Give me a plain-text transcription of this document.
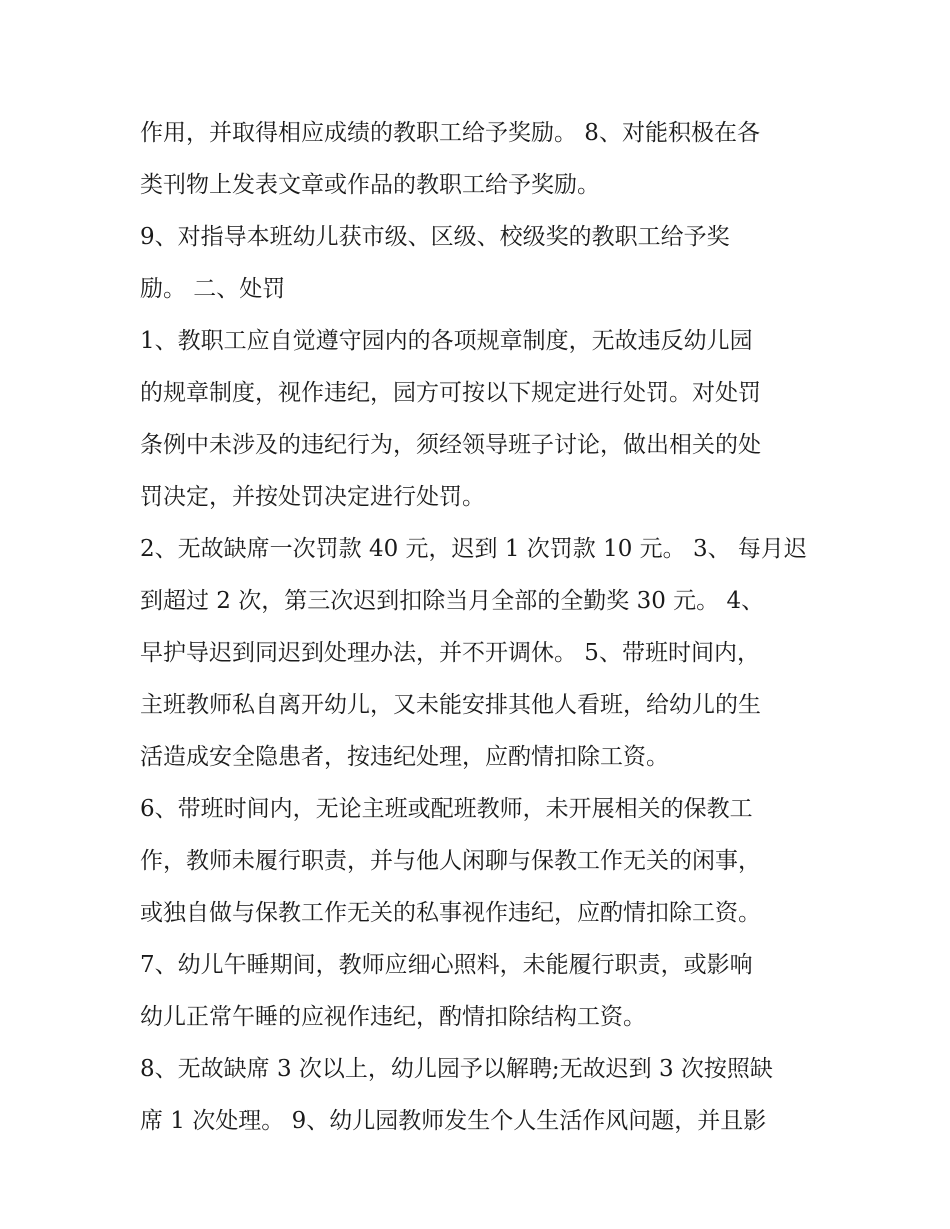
作用，并取得相应成绩的教职工给予奖励。 8、对能积极在各
类刊物上发表文章或作品的教职工给予奖励。
9、对指导本班幼儿获市级、区级、校级奖的教职工给予奖
励。 二、处罚
1、教职工应自觉遵守园内的各项规章制度，无故违反幼儿园
的规章制度，视作违纪，园方可按以下规定进行处罚。对处罚
条例中未涉及的违纪行为，须经领导班子讨论，做出相关的处
罚决定，并按处罚决定进行处罚。
2、无故缺席一次罚款 40 元，迟到 1 次罚款 10 元。 3、 每月迟
到超过 2 次，第三次迟到扣除当月全部的全勤奖 30 元。 4、
早护导迟到同迟到处理办法，并不开调休。 5、带班时间内，
主班教师私自离开幼儿，又未能安排其他人看班，给幼儿的生
活造成安全隐患者，按违纪处理，应酌情扣除工资。
6、带班时间内，无论主班或配班教师，未开展相关的保教工
作，教师未履行职责，并与他人闲聊与保教工作无关的闲事，
或独自做与保教工作无关的私事视作违纪，应酌情扣除工资。
7、幼儿午睡期间，教师应细心照料，未能履行职责，或影响
幼儿正常午睡的应视作违纪，酌情扣除结构工资。
8、无故缺席 3 次以上，幼儿园予以解聘;无故迟到 3 次按照缺
席 1 次处理。 9、幼儿园教师发生个人生活作风问题，并且影
